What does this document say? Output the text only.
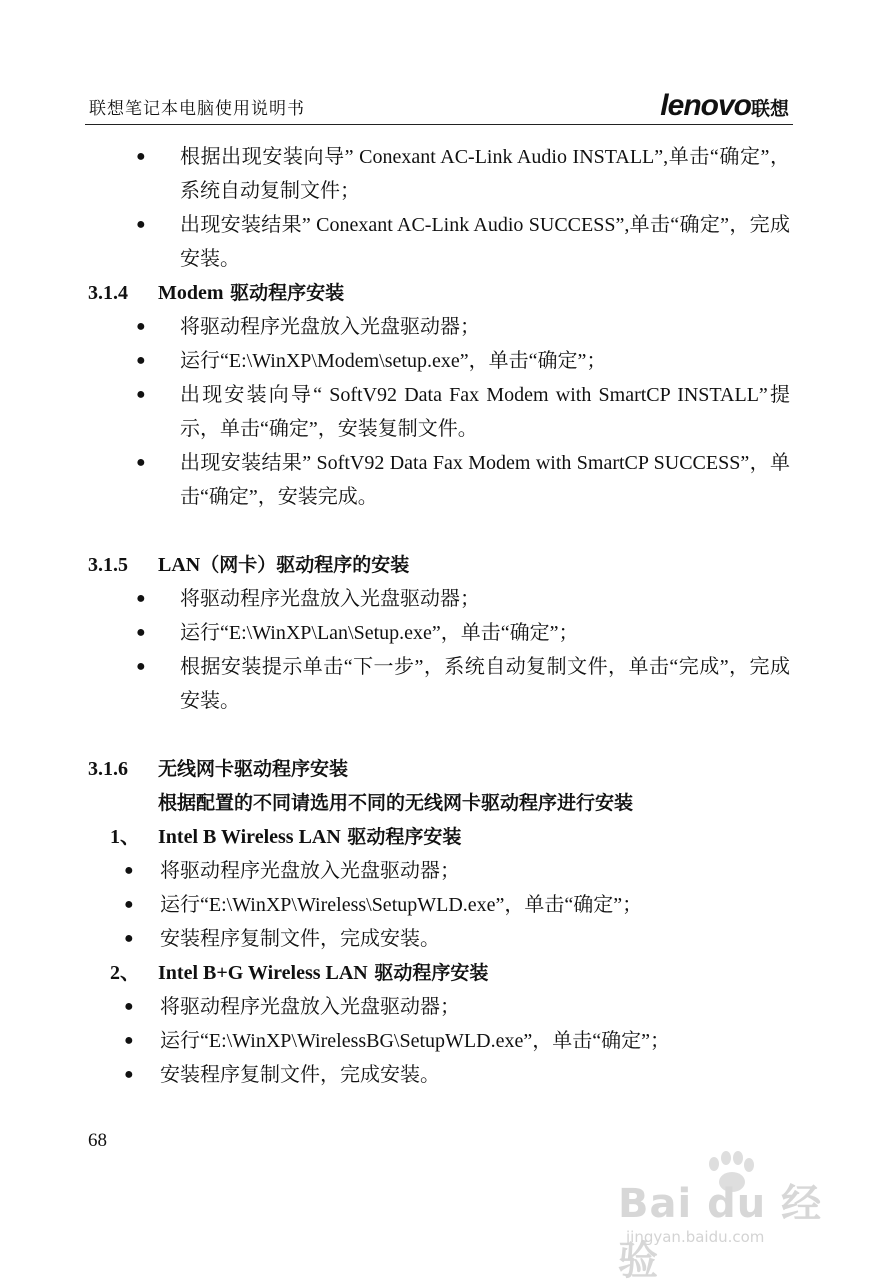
联想笔记本电脑使用说明书	lenovo 联想
● 根据出现安装向导” Conexant AC-Link Audio INSTALL”,单击“确定”，系统自动复制文件；
● 出现安装结果” Conexant AC-Link Audio SUCCESS”,单击“确定”，完成安装。
3.1.4 Modem 驱动程序安装
● 将驱动程序光盘放入光盘驱动器；
● 运行“E:\WinXP\Modem\setup.exe”，单击“确定”；
● 出现安装向导“ SoftV92 Data Fax Modem with SmartCP INSTALL”提示，单击“确定”，安装复制文件。
● 出现安装结果” SoftV92 Data Fax Modem with SmartCP SUCCESS”，单击“确定”，安装完成。
3.1.5 LAN（网卡）驱动程序的安装
● 将驱动程序光盘放入光盘驱动器；
● 运行“E:\WinXP\Lan\Setup.exe”，单击“确定”；
● 根据安装提示单击“下一步”，系统自动复制文件，单击“完成”，完成安装。
3.1.6 无线网卡驱动程序安装
根据配置的不同请选用不同的无线网卡驱动程序进行安装
1、 Intel B Wireless LAN 驱动程序安装
● 将驱动程序光盘放入光盘驱动器；
● 运行“E:\WinXP\Wireless\SetupWLD.exe”，单击“确定”；
● 安装程序复制文件，完成安装。
2、 Intel B+G Wireless LAN 驱动程序安装
● 将驱动程序光盘放入光盘驱动器；
● 运行“E:\WinXP\WirelessBG\SetupWLD.exe”，单击“确定”；
● 安装程序复制文件，完成安装。
68
Bai du 经验
jingyan.baidu.com
